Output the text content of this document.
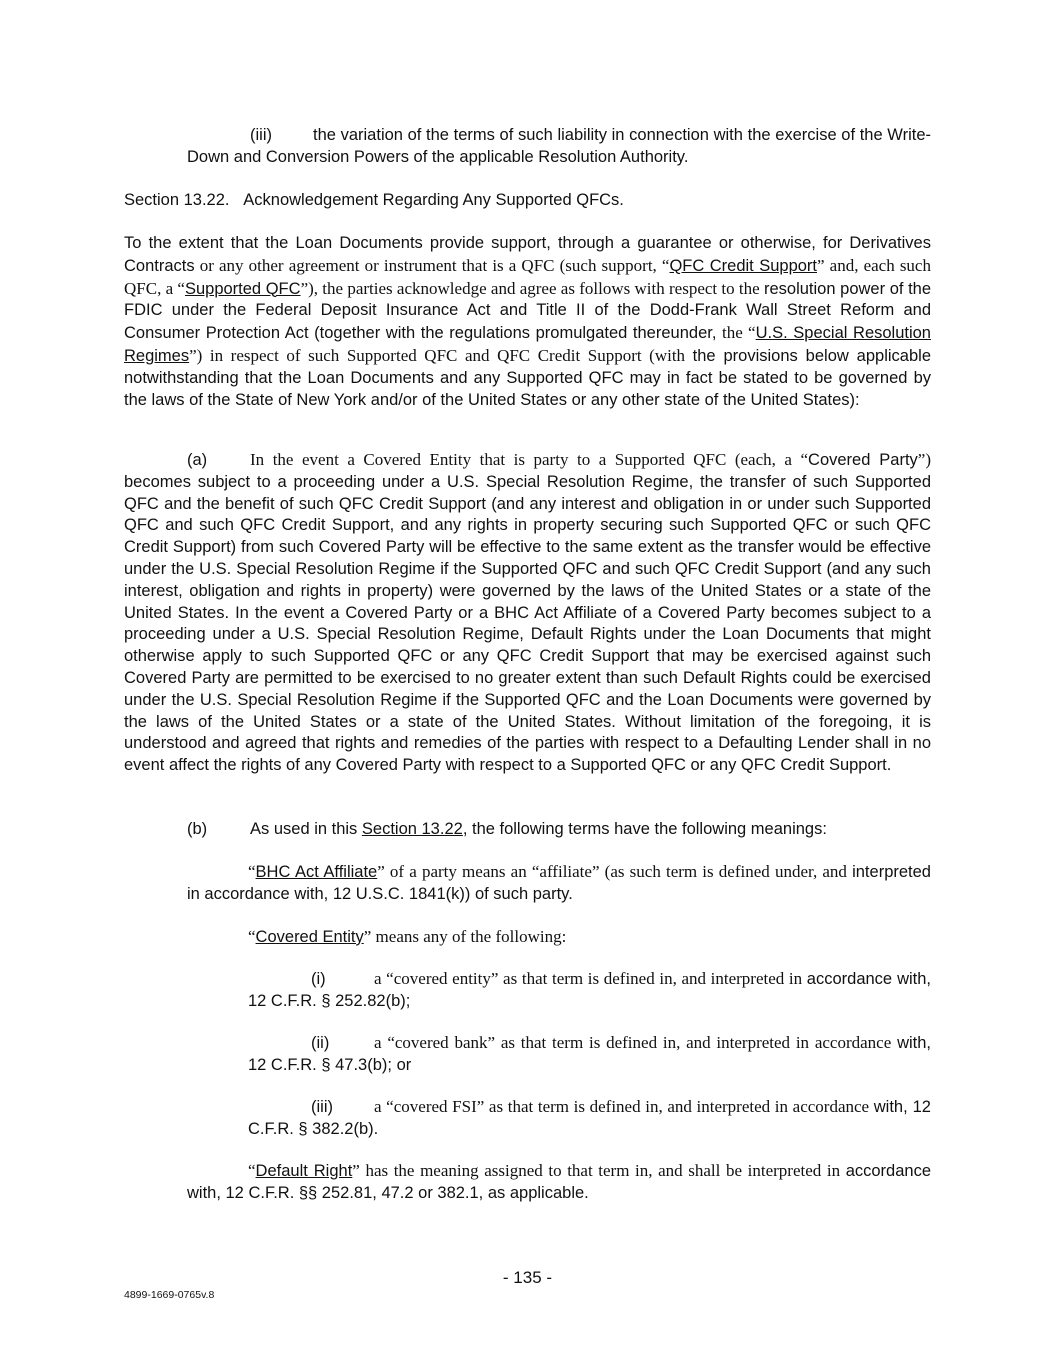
(iii) the variation of the terms of such liability in connection with the exercise of the Write-Down and Conversion Powers of the applicable Resolution Authority.

Section 13.22. Acknowledgement Regarding Any Supported QFCs.

To the extent that the Loan Documents provide support, through a guarantee or otherwise, for Derivatives Contracts or any other agreement or instrument that is a QFC (such support, “QFC Credit Support” and, each such QFC, a “Supported QFC”), the parties acknowledge and agree as follows with respect to the resolution power of the FDIC under the Federal Deposit Insurance Act and Title II of the Dodd-Frank Wall Street Reform and Consumer Protection Act (together with the regulations promulgated thereunder, the “U.S. Special Resolution Regimes”) in respect of such Supported QFC and QFC Credit Support (with the provisions below applicable notwithstanding that the Loan Documents and any Supported QFC may in fact be stated to be governed by the laws of the State of New York and/or of the United States or any other state of the United States):

(a)	In the event a Covered Entity that is party to a Supported QFC (each, a “Covered Party”) becomes subject to a proceeding under a U.S. Special Resolution Regime, the transfer of such Supported QFC and the benefit of such QFC Credit Support (and any interest and obligation in or under such Supported QFC and such QFC Credit Support, and any rights in property securing such Supported QFC or such QFC Credit Support) from such Covered Party will be effective to the same extent as the transfer would be effective under the U.S. Special Resolution Regime if the Supported QFC and such QFC Credit Support (and any such interest, obligation and rights in property) were governed by the laws of the United States or a state of the United States. In the event a Covered Party or a BHC Act Affiliate of a Covered Party becomes subject to a proceeding under a U.S. Special Resolution Regime, Default Rights under the Loan Documents that might otherwise apply to such Supported QFC or any QFC Credit Support that may be exercised against such Covered Party are permitted to be exercised to no greater extent than such Default Rights could be exercised under the U.S. Special Resolution Regime if the Supported QFC and the Loan Documents were governed by the laws of the United States or a state of the United States. Without limitation of the foregoing, it is understood and agreed that rights and remedies of the parties with respect to a Defaulting Lender shall in no event affect the rights of any Covered Party with respect to a Supported QFC or any QFC Credit Support.

(b)	As used in this Section 13.22, the following terms have the following meanings:

“BHC Act Affiliate” of a party means an “affiliate” (as such term is defined under, and interpreted in accordance with, 12 U.S.C. 1841(k)) of such party.

“Covered Entity” means any of the following:

(i)	a “covered entity” as that term is defined in, and interpreted in accordance with, 12 C.F.R. § 252.82(b);

(ii)	a “covered bank” as that term is defined in, and interpreted in accordance with, 12 C.F.R. § 47.3(b); or

(iii) a “covered FSI” as that term is defined in, and interpreted in accordance with, 12 C.F.R. § 382.2(b).

“Default Right” has the meaning assigned to that term in, and shall be interpreted in accordance with, 12 C.F.R. §§ 252.81, 47.2 or 382.1, as applicable.

- 135 -
4899-1669-0765v.8
